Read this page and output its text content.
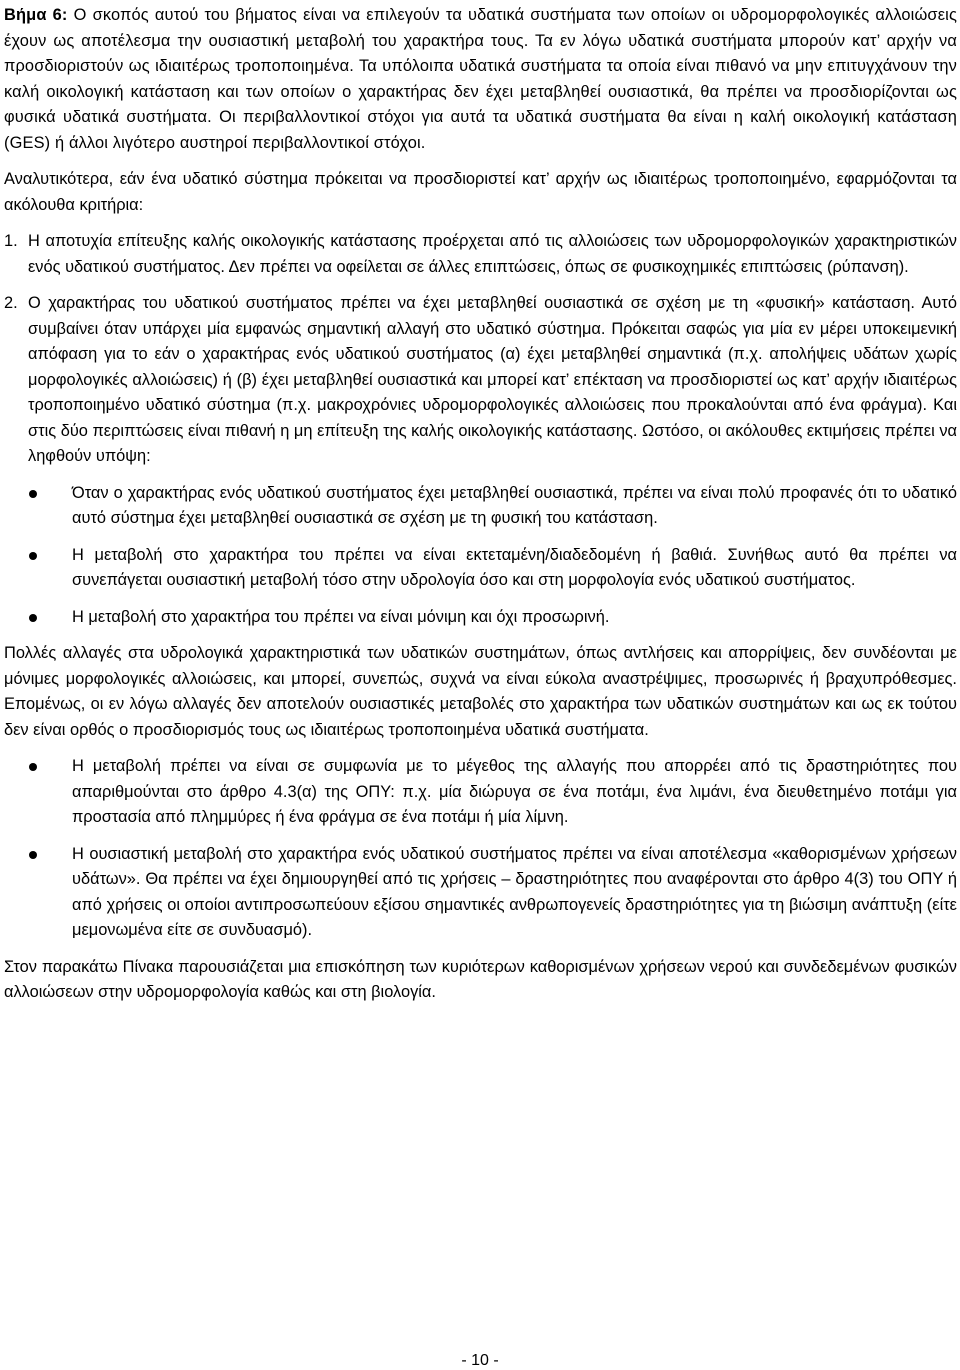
Βήμα 6: Ο σκοπός αυτού του βήματος είναι να επιλεγούν τα υδατικά συστήματα των οποίων οι υδρομορφολογικές αλλοιώσεις έχουν ως αποτέλεσμα την ουσιαστική μεταβολή του χαρακτήρα τους. Τα εν λόγω υδατικά συστήματα μπορούν κατ’ αρχήν να προσδιοριστούν ως ιδιαιτέρως τροποποιημένα. Τα υπόλοιπα υδατικά συστήματα τα οποία είναι πιθανό να μην επιτυγχάνουν την καλή οικολογική κατάσταση και των οποίων ο χαρακτήρας δεν έχει μεταβληθεί ουσιαστικά, θα πρέπει να προσδιορίζονται ως φυσικά υδατικά συστήματα. Οι περιβαλλοντικοί στόχοι για αυτά τα υδατικά συστήματα θα είναι η καλή οικολογική κατάσταση (GES) ή άλλοι λιγότερο αυστηροί περιβαλλοντικοί στόχοι.

Αναλυτικότερα, εάν ένα υδατικό σύστημα πρόκειται να προσδιοριστεί κατ’ αρχήν ως ιδιαιτέρως τροποποιημένο, εφαρμόζονται τα ακόλουθα κριτήρια:

1. Η αποτυχία επίτευξης καλής οικολογικής κατάστασης προέρχεται από τις αλλοιώσεις των υδρομορφολογικών χαρακτηριστικών ενός υδατικού συστήματος. Δεν πρέπει να οφείλεται σε άλλες επιπτώσεις, όπως σε φυσικοχημικές επιπτώσεις (ρύπανση).
2. Ο χαρακτήρας του υδατικού συστήματος πρέπει να έχει μεταβληθεί ουσιαστικά σε σχέση με τη «φυσική» κατάσταση. Αυτό συμβαίνει όταν υπάρχει μία εμφανώς σημαντική αλλαγή στο υδατικό σύστημα. Πρόκειται σαφώς για μία εν μέρει υποκειμενική απόφαση για το εάν ο χαρακτήρας ενός υδατικού συστήματος (α) έχει μεταβληθεί σημαντικά (π.χ. απολήψεις υδάτων χωρίς μορφολογικές αλλοιώσεις) ή (β) έχει μεταβληθεί ουσιαστικά και μπορεί κατ’ επέκταση να προσδιοριστεί ως κατ’ αρχήν ιδιαιτέρως τροποποιημένο υδατικό σύστημα (π.χ. μακροχρόνιες υδρομορφολογικές αλλοιώσεις που προκαλούνται από ένα φράγμα). Και στις δύο περιπτώσεις είναι πιθανή η μη επίτευξη της καλής οικολογικής κατάστασης. Ωστόσο, οι ακόλουθες εκτιμήσεις πρέπει να ληφθούν υπόψη:
Όταν ο χαρακτήρας ενός υδατικού συστήματος έχει μεταβληθεί ουσιαστικά, πρέπει να είναι πολύ προφανές ότι το υδατικό αυτό σύστημα έχει μεταβληθεί ουσιαστικά σε σχέση με τη φυσική του κατάσταση.
Η μεταβολή στο χαρακτήρα του πρέπει να είναι εκτεταμένη/διαδεδομένη ή βαθιά. Συνήθως αυτό θα πρέπει να συνεπάγεται ουσιαστική μεταβολή τόσο στην υδρολογία όσο και στη μορφολογία ενός υδατικού συστήματος.
Η μεταβολή στο χαρακτήρα του πρέπει να είναι μόνιμη και όχι προσωρινή.

Πολλές αλλαγές στα υδρολογικά χαρακτηριστικά των υδατικών συστημάτων, όπως αντλήσεις και απορρίψεις, δεν συνδέονται με μόνιμες μορφολογικές αλλοιώσεις, και μπορεί, συνεπώς, συχνά να είναι εύκολα αναστρέψιμες, προσωρινές ή βραχυπρόθεσμες. Επομένως, οι εν λόγω αλλαγές δεν αποτελούν ουσιαστικές μεταβολές στο χαρακτήρα των υδατικών συστημάτων και ως εκ τούτου δεν είναι ορθός ο προσδιορισμός τους ως ιδιαιτέρως τροποποιημένα υδατικά συστήματα.

Η μεταβολή πρέπει να είναι σε συμφωνία με το μέγεθος της αλλαγής που απορρέει από τις δραστηριότητες που απαριθμούνται στο άρθρο 4.3(α) της ΟΠΥ: π.χ. μία διώρυγα σε ένα ποτάμι, ένα λιμάνι, ένα διευθετημένο ποτάμι για προστασία από πλημμύρες ή ένα φράγμα σε ένα ποτάμι ή μία λίμνη.
Η ουσιαστική μεταβολή στο χαρακτήρα ενός υδατικού συστήματος πρέπει να είναι αποτέλεσμα «καθορισμένων χρήσεων υδάτων». Θα πρέπει να έχει δημιουργηθεί από τις χρήσεις – δραστηριότητες που αναφέρονται στο άρθρο 4(3) του ΟΠΥ ή από χρήσεις οι οποίοι αντιπροσωπεύουν εξίσου σημαντικές ανθρωπογενείς δραστηριότητες για τη βιώσιμη ανάπτυξη (είτε μεμονωμένα είτε σε συνδυασμό).

Στον παρακάτω Πίνακα παρουσιάζεται μια επισκόπηση των κυριότερων καθορισμένων χρήσεων νερού και συνδεδεμένων φυσικών αλλοιώσεων στην υδρομορφολογία καθώς και στη βιολογία.

- 10 -
